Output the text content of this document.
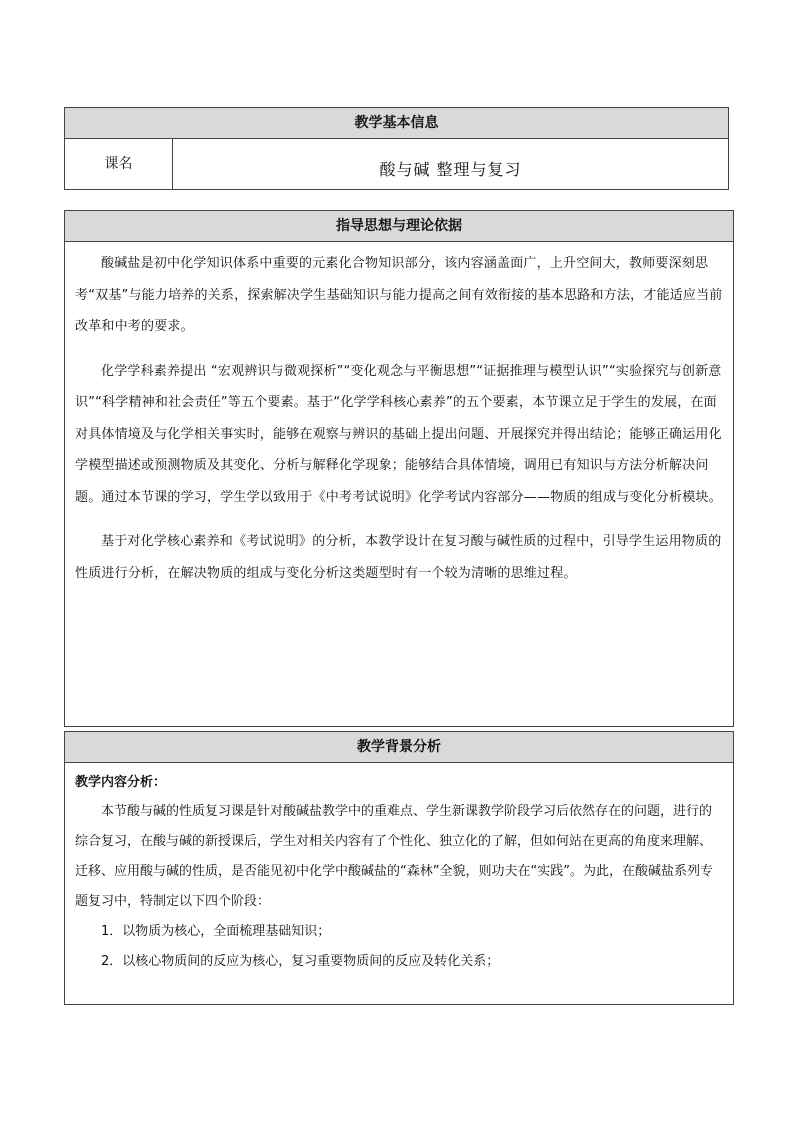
教学基本信息
课名	酸与碱 整理与复习
指导思想与理论依据

酸碱盐是初中化学知识体系中重要的元素化合物知识部分，该内容涵盖面广，上升空间大，教师要深刻思考“双基”与能力培养的关系，探索解决学生基础知识与能力提高之间有效衔接的基本思路和方法，才能适应当前改革和中考的要求。

化学学科素养提出 “宏观辨识与微观探析”“变化观念与平衡思想”“证据推理与模型认识”“实验探究与创新意识”“科学精神和社会责任”等五个要素。基于“化学学科核心素养”的五个要素，本节课立足于学生的发展，在面对具体情境及与化学相关事实时，能够在观察与辨识的基础上提出问题、开展探究并得出结论；能够正确运用化学模型描述或预测物质及其变化、分析与解释化学现象；能够结合具体情境，调用已有知识与方法分析解决问题。通过本节课的学习，学生学以致用于《中考考试说明》化学考试内容部分——物质的组成与变化分析模块。

基于对化学核心素养和《考试说明》的分析，本教学设计在复习酸与碱性质的过程中，引导学生运用物质的性质进行分析，在解决物质的组成与变化分析这类题型时有一个较为清晰的思维过程。

教学背景分析
教学内容分析：

本节酸与碱的性质复习课是针对酸碱盐教学中的重难点、学生新课教学阶段学习后依然存在的问题，进行的综合复习，在酸与碱的新授课后，学生对相关内容有了个性化、独立化的了解，但如何站在更高的角度来理解、迁移、应用酸与碱的性质，是否能见初中化学中酸碱盐的“森林”全貌，则功夫在“实践”。为此，在酸碱盐系列专题复习中，特制定以下四个阶段：

1．以物质为核心，全面梳理基础知识；
2．以核心物质间的反应为核心，复习重要物质间的反应及转化关系；
